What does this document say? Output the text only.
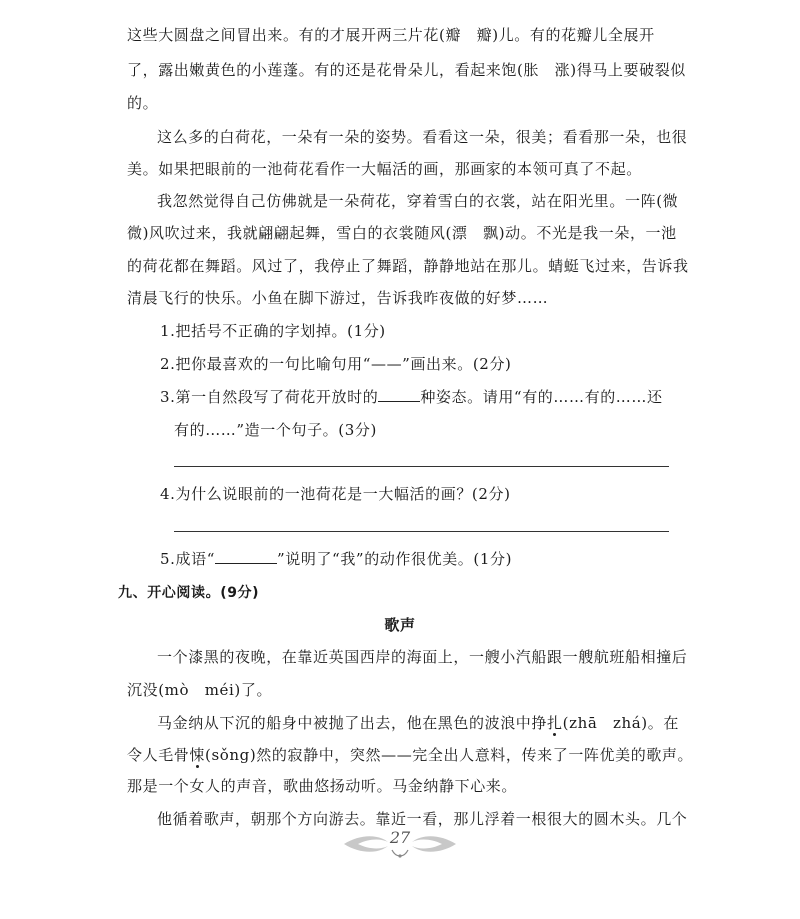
这些大圆盘之间冒出来。有的才展开两三片花(瓣　瓣)儿。有的花瓣儿全展开
了，露出嫩黄色的小莲蓬。有的还是花骨朵儿，看起来饱(胀　涨)得马上要破裂似
的。
这么多的白荷花，一朵有一朵的姿势。看看这一朵，很美；看看那一朵，也很
美。如果把眼前的一池荷花看作一大幅活的画，那画家的本领可真了不起。
我忽然觉得自己仿佛就是一朵荷花，穿着雪白的衣裳，站在阳光里。一阵(微
微)风吹过来，我就翩翩起舞，雪白的衣裳随风(漂　飘)动。不光是我一朵，一池
的荷花都在舞蹈。风过了，我停止了舞蹈，静静地站在那儿。蜻蜓飞过来，告诉我
清晨飞行的快乐。小鱼在脚下游过，告诉我昨夜做的好梦……
1.把括号不正确的字划掉。(1分)
2.把你最喜欢的一句比喻句用“——”画出来。(2分)
3.第一自然段写了荷花开放时的	种姿态。请用“有的……有的……还
有的……”造一个句子。(3分)
4.为什么说眼前的一池荷花是一大幅活的画？(2分)
5.成语“	”说明了“我”的动作很优美。(1分)
九、开心阅读。(9分)
歌声
一个漆黑的夜晚，在靠近英国西岸的海面上，一艘小汽船跟一艘航班船相撞后
沉没(mò　méi)了。
马金纳从下沉的船身中被抛了出去，他在黑色的波浪中挣扎(zhā　zhá)。在
令人毛骨悚(sǒng)然的寂静中，突然——完全出人意料，传来了一阵优美的歌声。
那是一个女人的声音，歌曲悠扬动听。马金纳静下心来。
他循着歌声，朝那个方向游去。靠近一看，那儿浮着一根很大的圆木头。几个
27
